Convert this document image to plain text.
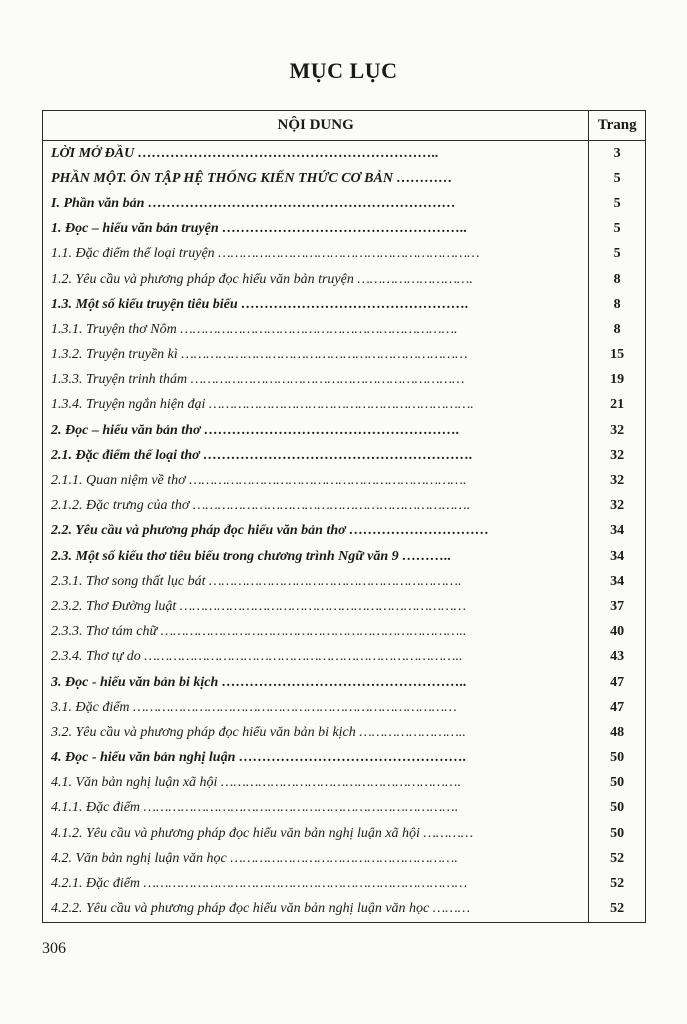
MỤC LỤC
NỘI DUNG	Trang
LỜI MỞ ĐẦU ………………………………………………………..	3
PHẦN MỘT. ÔN TẬP HỆ THỐNG KIẾN THỨC CƠ BẢN …………	5
I. Phần văn bản …………………………………………………………	5
1. Đọc – hiểu văn bản truyện ……………………………………………..	5
1.1. Đặc điểm thể loại truyện ………………………………………………………	5
1.2. Yêu cầu và phương pháp đọc hiểu văn bản truyện ……………………….	8
1.3. Một số kiểu truyện tiêu biểu ………………………………………….	8
1.3.1. Truyện thơ Nôm ………………………………………………………….	8
1.3.2. Truyện truyền kì ……………………………………………………………	15
1.3.3. Truyện trinh thám …………………………………………………………	19
1.3.4. Truyện ngắn hiện đại ……………………………………………………….	21
2. Đọc – hiểu văn bản thơ ……………………………………………….	32
2.1. Đặc điểm thể loại thơ ………………………………………………….	32
2.1.1. Quan niệm về thơ ………………………………………………………….	32
2.1.2. Đặc trưng của thơ ………………………………………………………….	32
2.2. Yêu cầu và phương pháp đọc hiểu văn bản thơ …………………………	34
2.3. Một số kiểu thơ tiêu biểu trong chương trình Ngữ văn 9 ………..	34
2.3.1. Thơ song thất lục bát …………………………………………………….	34
2.3.2. Thơ Đường luật ……………………………………………………………	37
2.3.3. Thơ tám chữ ………………………………………………………………..	40
2.3.4. Thơ tự do …………………………………………………………………..	43
3. Đọc - hiểu văn bản bi kịch ……………………………………………..	47
3.1. Đặc điểm ……………………………………………………………………	47
3.2. Yêu cầu và phương pháp đọc hiểu văn bản bi kịch ……………………..	48
4. Đọc - hiểu văn bản nghị luận ………………………………………….	50
4.1. Văn bản nghị luận xã hội ………………………………………………….	50
4.1.1. Đặc điểm ………………………………………………………………….	50
4.1.2. Yêu cầu và phương pháp đọc hiểu văn bản nghị luận xã hội …………	50
4.2. Văn bản nghị luận văn học ……………………………………………….	52
4.2.1. Đặc điểm ……………………………………………………………………	52
4.2.2. Yêu cầu và phương pháp đọc hiểu văn bản nghị luận văn học ………	52
306
